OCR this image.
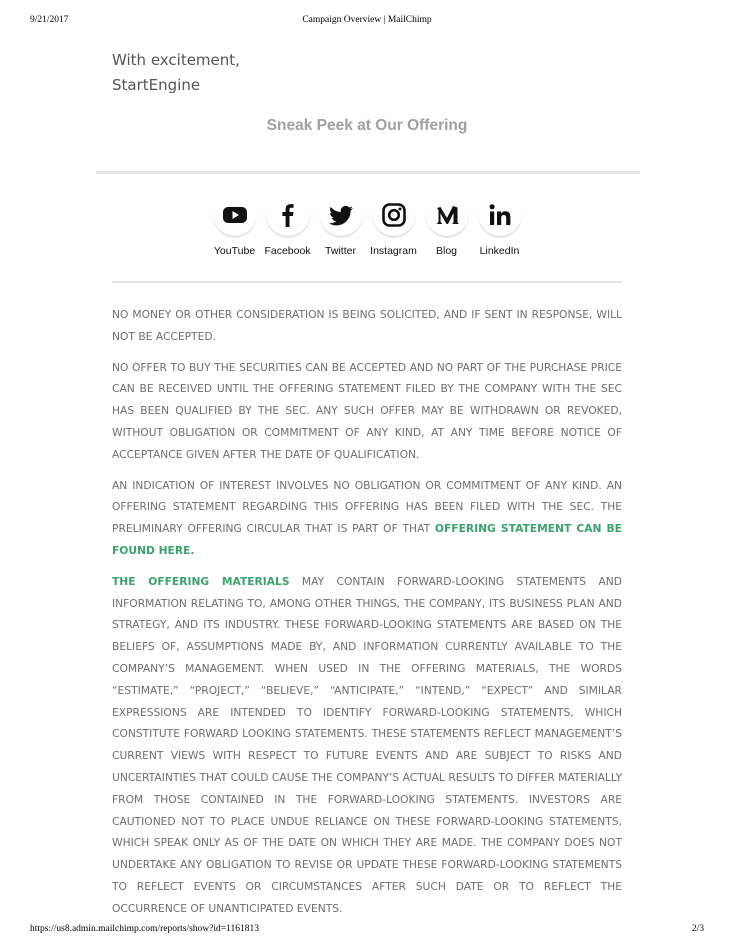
9/21/2017	Campaign Overview | MailChimp
With excitement,
StartEngine
Sneak Peek at Our Offering
YouTube Facebook Twitter Instagram Blog LinkedIn

NO MONEY OR OTHER CONSIDERATION IS BEING SOLICITED, AND IF SENT IN RESPONSE, WILL NOT BE ACCEPTED.

NO OFFER TO BUY THE SECURITIES CAN BE ACCEPTED AND NO PART OF THE PURCHASE PRICE CAN BE RECEIVED UNTIL THE OFFERING STATEMENT FILED BY THE COMPANY WITH THE SEC HAS BEEN QUALIFIED BY THE SEC. ANY SUCH OFFER MAY BE WITHDRAWN OR REVOKED, WITHOUT OBLIGATION OR COMMITMENT OF ANY KIND, AT ANY TIME BEFORE NOTICE OF ACCEPTANCE GIVEN AFTER THE DATE OF QUALIFICATION.

AN INDICATION OF INTEREST INVOLVES NO OBLIGATION OR COMMITMENT OF ANY KIND. AN OFFERING STATEMENT REGARDING THIS OFFERING HAS BEEN FILED WITH THE SEC. THE PRELIMINARY OFFERING CIRCULAR THAT IS PART OF THAT OFFERING STATEMENT CAN BE FOUND HERE.

THE OFFERING MATERIALS MAY CONTAIN FORWARD-LOOKING STATEMENTS AND INFORMATION RELATING TO, AMONG OTHER THINGS, THE COMPANY, ITS BUSINESS PLAN AND STRATEGY, AND ITS INDUSTRY. THESE FORWARD-LOOKING STATEMENTS ARE BASED ON THE BELIEFS OF, ASSUMPTIONS MADE BY, AND INFORMATION CURRENTLY AVAILABLE TO THE COMPANY’S MANAGEMENT. WHEN USED IN THE OFFERING MATERIALS, THE WORDS “ESTIMATE,” “PROJECT,” “BELIEVE,” “ANTICIPATE,” “INTEND,” “EXPECT” AND SIMILAR EXPRESSIONS ARE INTENDED TO IDENTIFY FORWARD-LOOKING STATEMENTS, WHICH CONSTITUTE FORWARD LOOKING STATEMENTS. THESE STATEMENTS REFLECT MANAGEMENT’S CURRENT VIEWS WITH RESPECT TO FUTURE EVENTS AND ARE SUBJECT TO RISKS AND UNCERTAINTIES THAT COULD CAUSE THE COMPANY’S ACTUAL RESULTS TO DIFFER MATERIALLY FROM THOSE CONTAINED IN THE FORWARD-LOOKING STATEMENTS. INVESTORS ARE CAUTIONED NOT TO PLACE UNDUE RELIANCE ON THESE FORWARD-LOOKING STATEMENTS, WHICH SPEAK ONLY AS OF THE DATE ON WHICH THEY ARE MADE. THE COMPANY DOES NOT UNDERTAKE ANY OBLIGATION TO REVISE OR UPDATE THESE FORWARD-LOOKING STATEMENTS TO REFLECT EVENTS OR CIRCUMSTANCES AFTER SUCH DATE OR TO REFLECT THE OCCURRENCE OF UNANTICIPATED EVENTS.

https://us8.admin.mailchimp.com/reports/show?id=1161813	2/3
